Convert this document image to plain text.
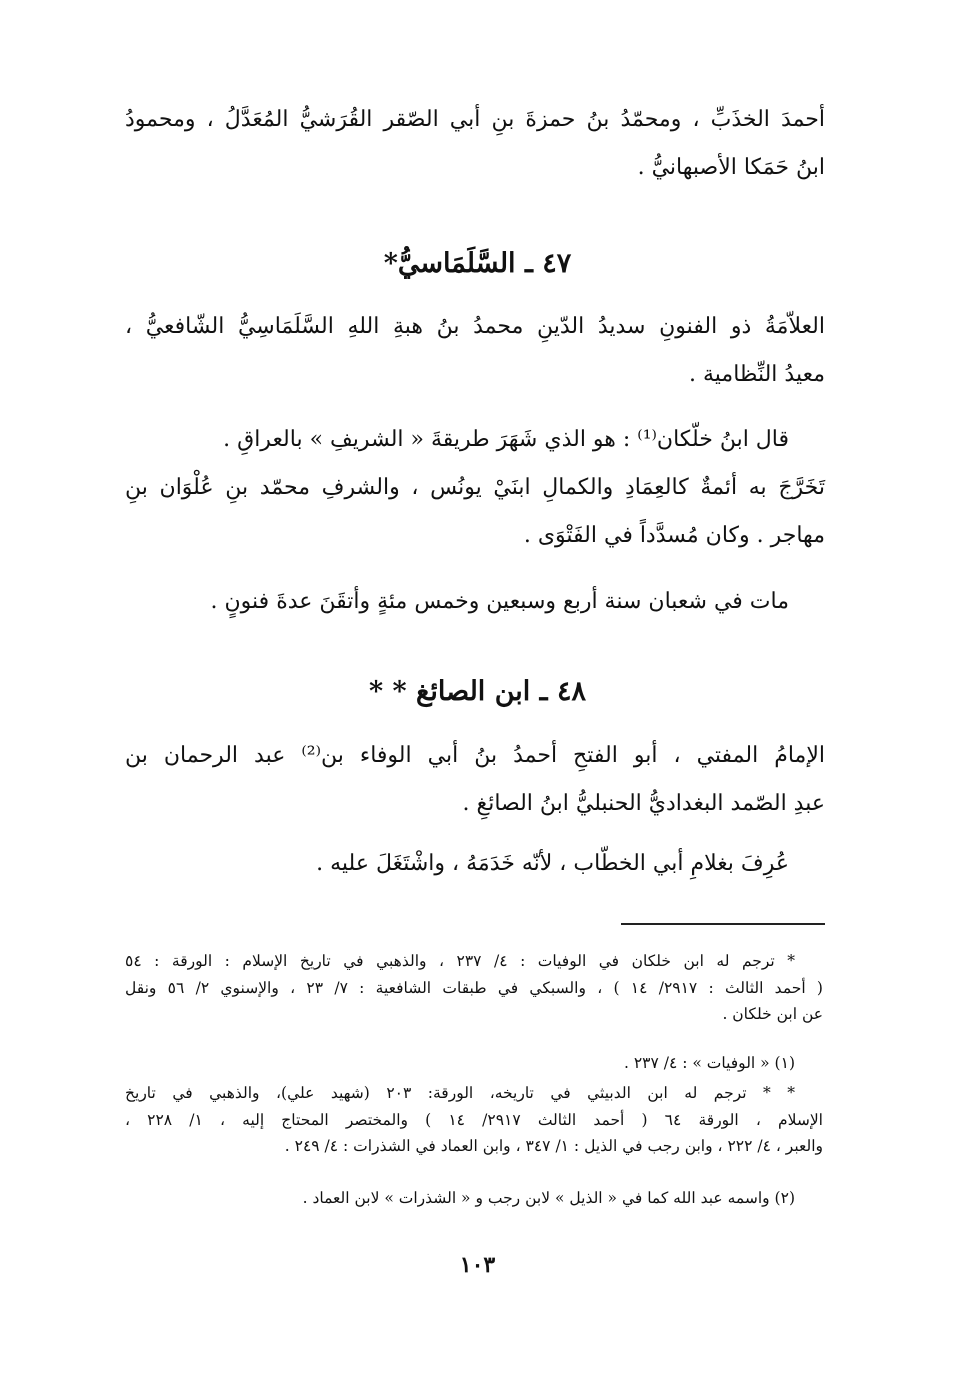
أحمدَ الخذَبِّ ، ومحمّدُ بنُ حمزةَ بنِ أبي الصّقر القُرَشيُّ المُعَدَّلُ ، ومحمودُ
ابنُ حَمَكا الأصبهانيُّ .
٤٧ ـ السَّلَمَاسيُّ*
العلاّمَةُ ذو الفنونِ سديدُ الدّينِ محمدُ بنُ هبةِ اللهِ السَّلَمَاسِيُّ الشّافعيُّ ،
معيدُ النِّظامية .
قال ابنُ خلّكان⁽¹⁾ : هو الذي شَهَرَ طريقةَ « الشريفِ » بالعراقِ .
تَخَرَّجَ به أئمةٌ كالعِمَادِ والكمالِ ابنَيْ يونُس ، والشرفِ محمّد بنِ عُلْوَان بنِ
مهاجر . وكان مُسدَّداً في الفَتْوَى .
مات في شعبان سنة أربع وسبعين وخمس مئةٍ وأتقَنَ عدةَ فنونٍ .
٤٨ ـ ابن الصائغ * *
الإمامُ المفتي ، أبو الفتحِ أحمدُ بنُ أبي الوفاء بن⁽²⁾ عبد الرحمان بن
عبدِ الصّمد البغداديُّ الحنبليُّ ابنُ الصائغِ .
عُرِفَ بغلامِ أبي الخطّاب ، لأنّه خَدَمَهُ ، واشْتَغَلَ عليه .
* ترجم له ابن خلكان في الوفيات : ٤/ ٢٣٧ ، والذهبي في تاريخ الإسلام : الورقة : ٥٤
( أحمد الثالث : ٢٩١٧/ ١٤ ) ، والسبكي في طبقات الشافعية : ٧/ ٢٣ ، والإسنوي ٢/ ٥٦ ونقل
عن ابن خلكان .
(١) « الوفيات » : ٤/ ٢٣٧ .
* * ترجم له ابن الدبيثي في تاريخه، الورقة: ٢٠٣ (شهيد علي)، والذهبي في تاريخ
الإسلام ، الورقة ٦٤ ( أحمد الثالث ٢٩١٧/ ١٤ ) والمختصر المحتاج إليه ، ١/ ٢٢٨ ،
والعبر ، ٤/ ٢٢٢ ، وابن رجب في الذيل : ١/ ٣٤٧ ، وابن العماد في الشذرات : ٤/ ٢٤٩ .
(٢) واسمه عبد الله كما في « الذيل » لابن رجب و « الشذرات » لابن العماد .
١٠٣
